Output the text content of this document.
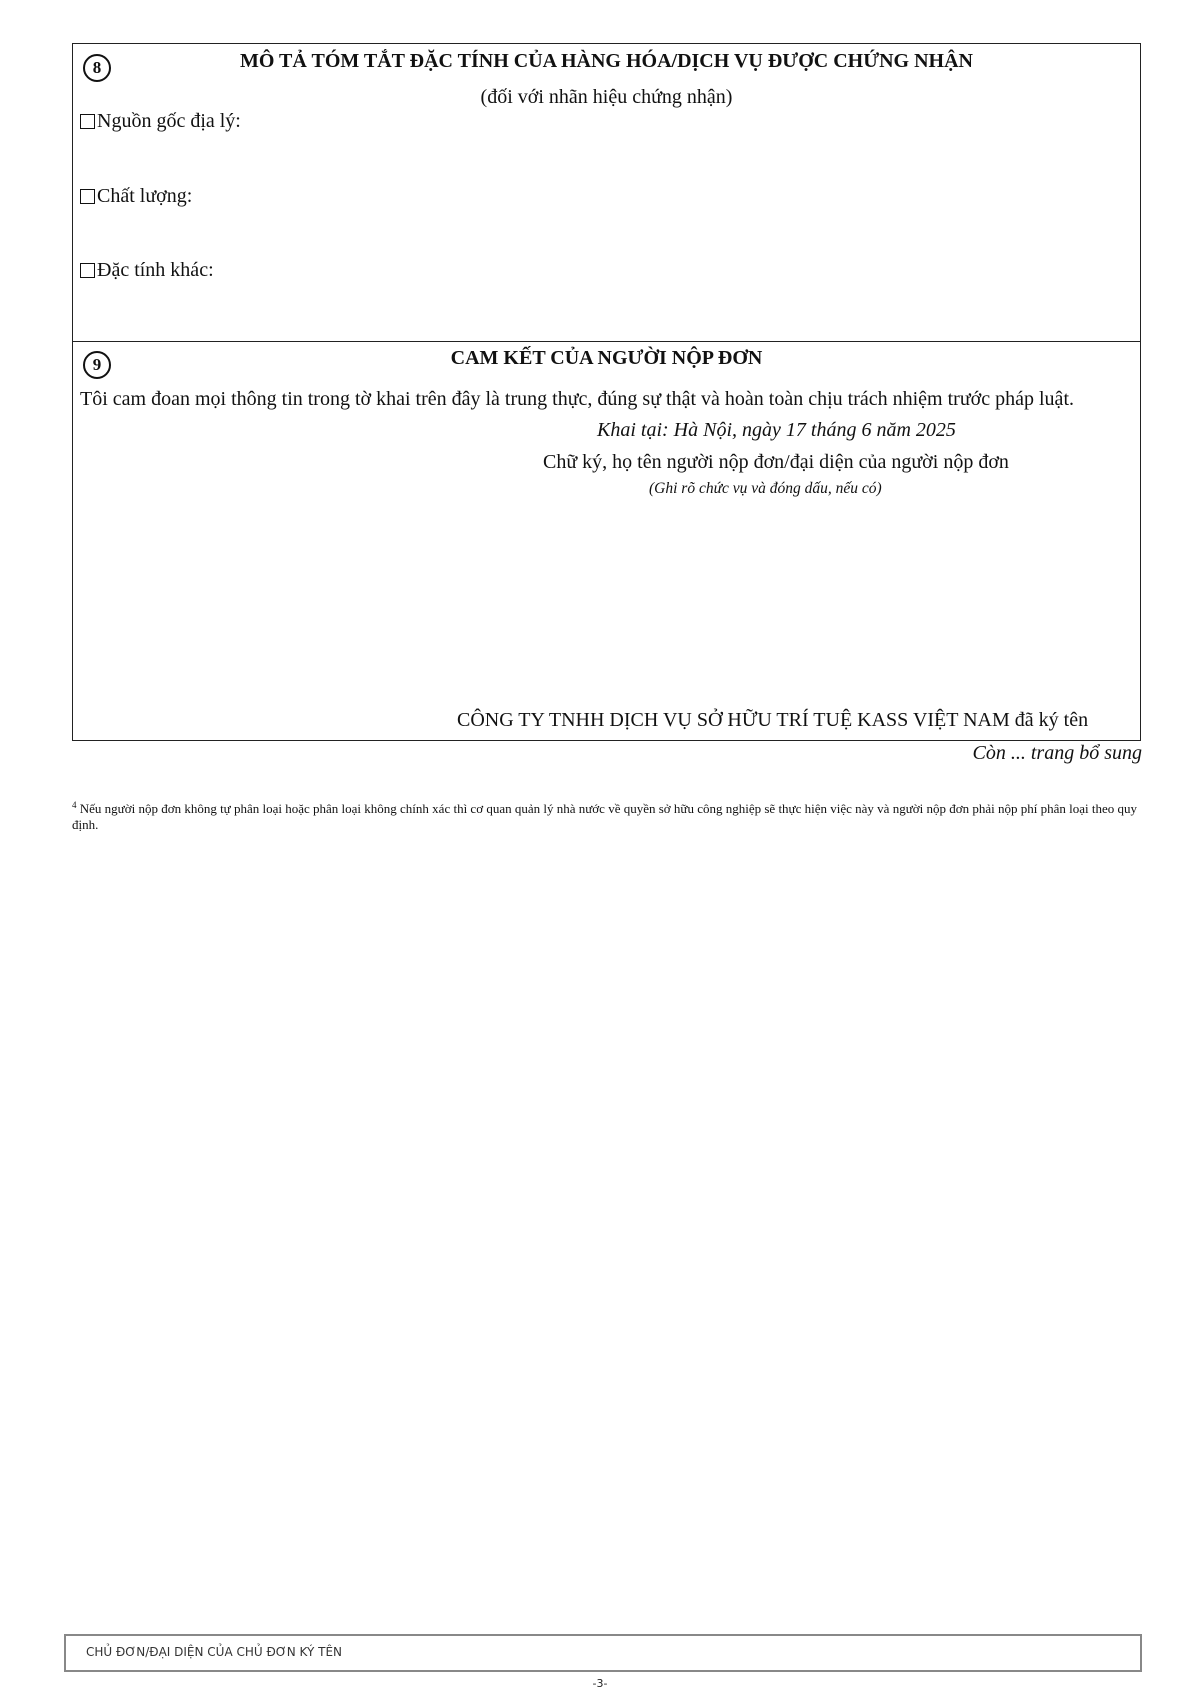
8	MÔ TẢ TÓM TẮT ĐẶC TÍNH CỦA HÀNG HÓA/DỊCH VỤ ĐƯỢC CHỨNG NHẬN
(đối với nhãn hiệu chứng nhận)
Nguồn gốc địa lý:
Chất lượng:
Đặc tính khác:
9	CAM KẾT CỦA NGƯỜI NỘP ĐƠN
Tôi cam đoan mọi thông tin trong tờ khai trên đây là trung thực, đúng sự thật và hoàn toàn chịu trách nhiệm trước pháp luật.
Khai tại: Hà Nội, ngày 17 tháng 6 năm 2025
Chữ ký, họ tên người nộp đơn/đại diện của người nộp đơn
(Ghi rõ chức vụ và đóng dấu, nếu có)
CÔNG TY TNHH DỊCH VỤ SỞ HỮU TRÍ TUỆ KASS VIỆT NAM đã ký tên
Còn ... trang bổ sung
$^4$ Nếu người nộp đơn không tự phân loại hoặc phân loại không chính xác thì cơ quan quản lý nhà nước về quyền sở hữu công nghiệp sẽ thực hiện việc này và người nộp đơn phải nộp phí phân loại theo quy định.
CHỦ ĐƠN/ĐẠI DIỆN CỦA CHỦ ĐƠN KÝ TÊN
-3-
